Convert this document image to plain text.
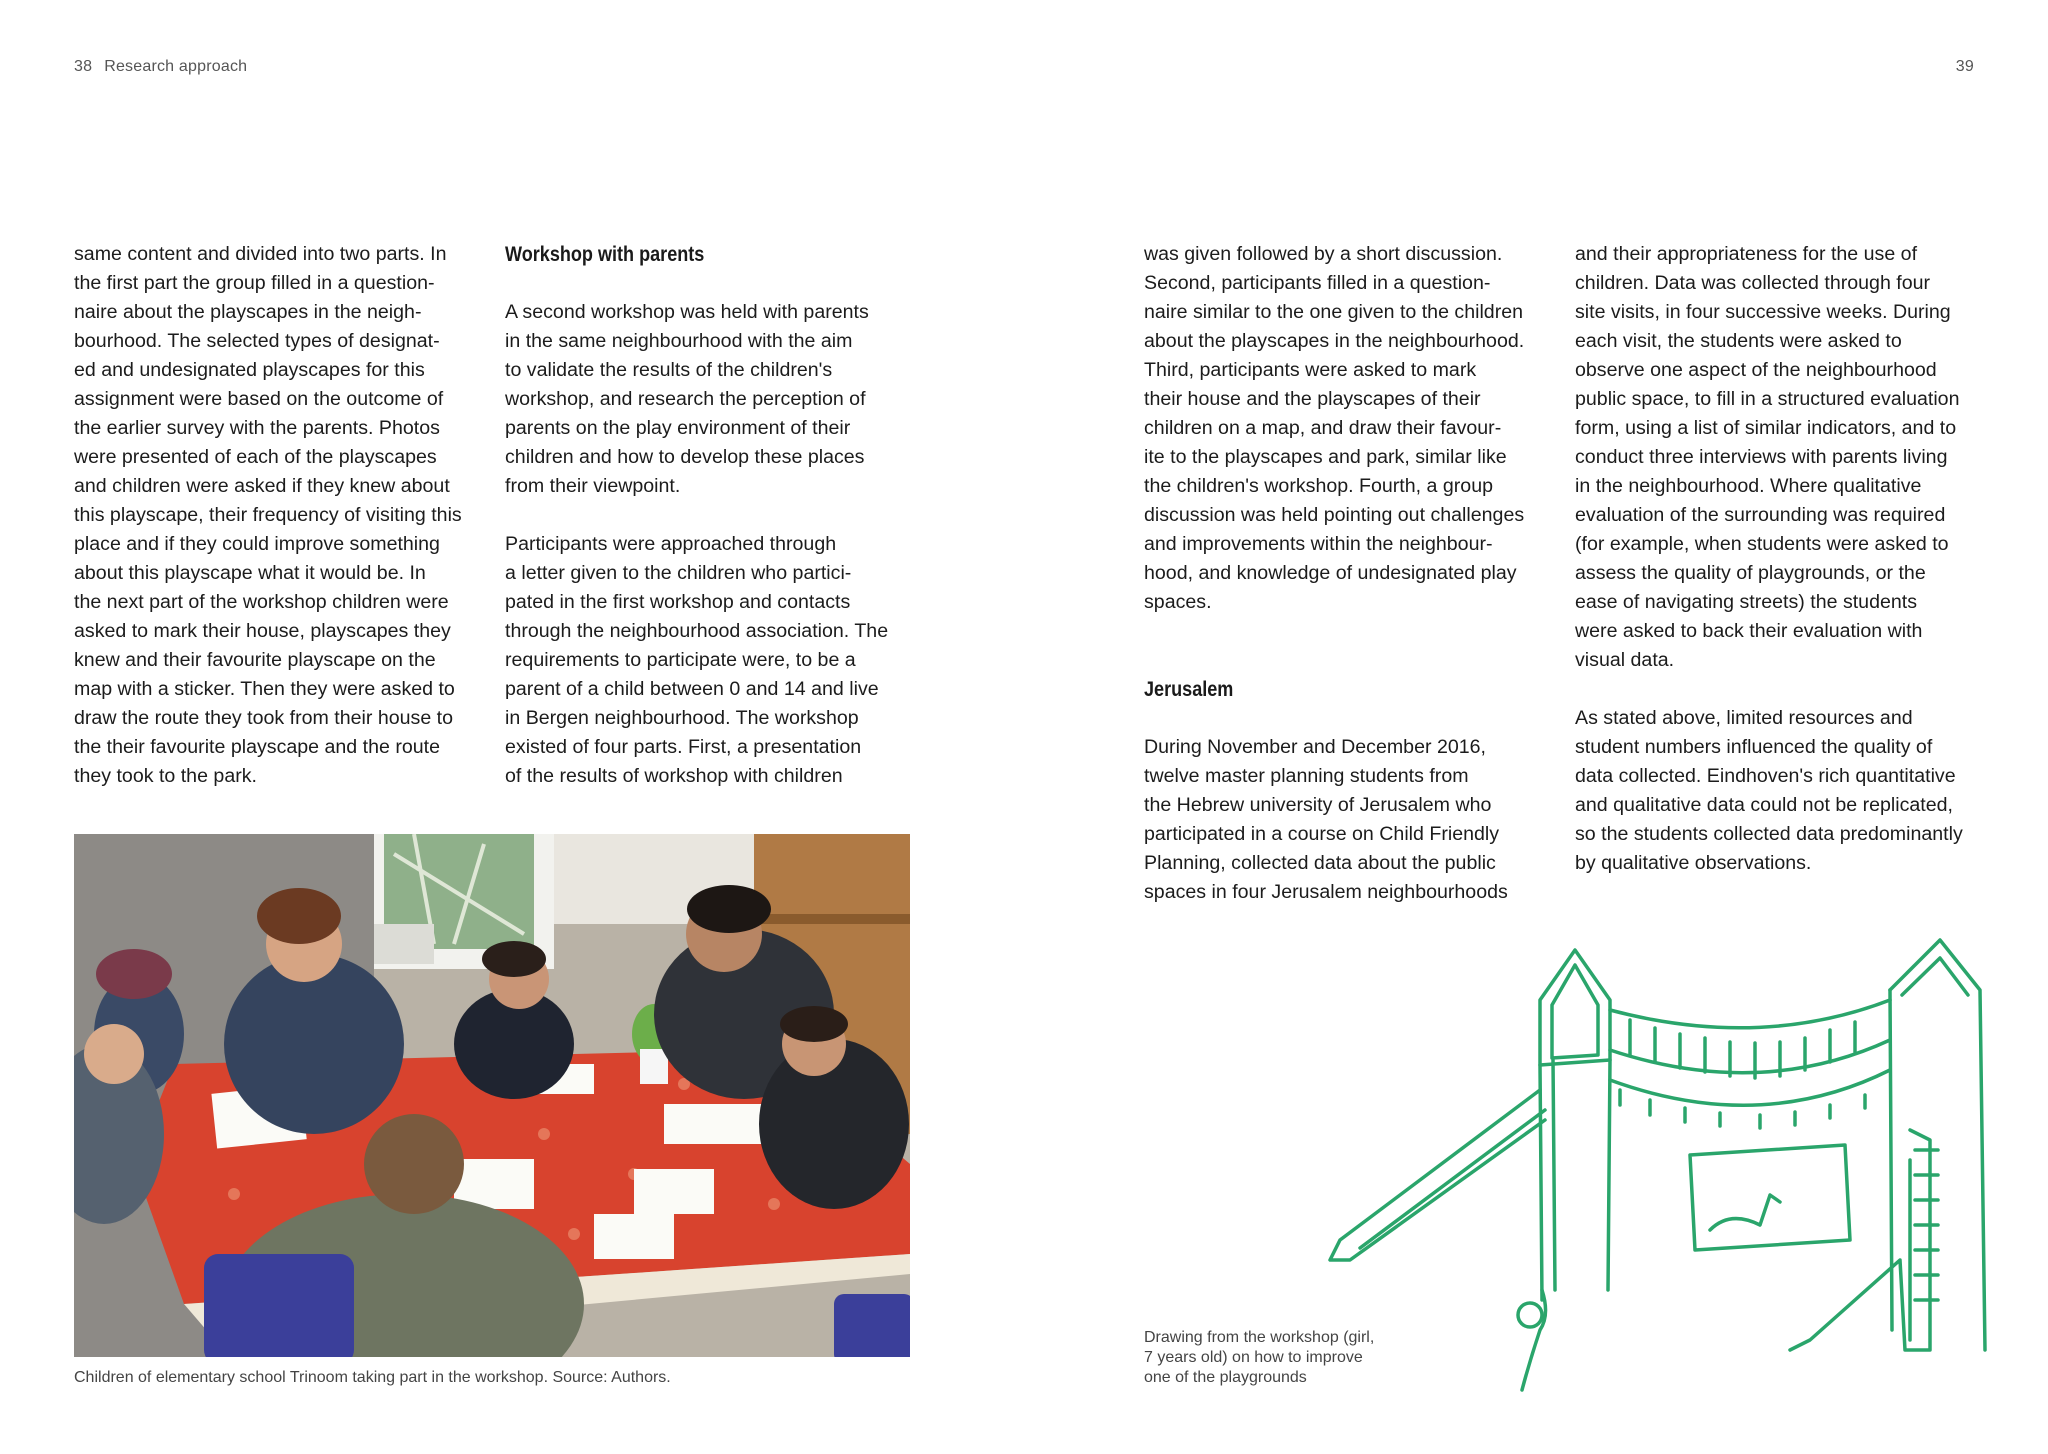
38 Research approach	39

same content and divided into two parts. In
the first part the group filled in a question-
naire about the playscapes in the neigh-
bourhood. The selected types of designat-
ed and undesignated playscapes for this
assignment were based on the outcome of
the earlier survey with the parents. Photos
were presented of each of the playscapes
and children were asked if they knew about
this playscape, their frequency of visiting this
place and if they could improve something
about this playscape what it would be. In
the next part of the workshop children were
asked to mark their house, playscapes they
knew and their favourite playscape on the
map with a sticker. Then they were asked to
draw the route they took from their house to
the their favourite playscape and the route
they took to the park.

Workshop with parents

A second workshop was held with parents
in the same neighbourhood with the aim
to validate the results of the children's
workshop, and research the perception of
parents on the play environment of their
children and how to develop these places
from their viewpoint.

Participants were approached through
a letter given to the children who partici-
pated in the first workshop and contacts
through the neighbourhood association. The
requirements to participate were, to be a
parent of a child between 0 and 14 and live
in Bergen neighbourhood. The workshop
existed of four parts. First, a presentation
of the results of workshop with children

was given followed by a short discussion.
Second, participants filled in a question-
naire similar to the one given to the children
about the playscapes in the neighbourhood.
Third, participants were asked to mark
their house and the playscapes of their
children on a map, and draw their favour-
ite to the playscapes and park, similar like
the children's workshop. Fourth, a group
discussion was held pointing out challenges
and improvements within the neighbour-
hood, and knowledge of undesignated play
spaces.

Jerusalem

During November and December 2016,
twelve master planning students from
the Hebrew university of Jerusalem who
participated in a course on Child Friendly
Planning, collected data about the public
spaces in four Jerusalem neighbourhoods

and their appropriateness for the use of
children. Data was collected through four
site visits, in four successive weeks. During
each visit, the students were asked to
observe one aspect of the neighbourhood
public space, to fill in a structured evaluation
form, using a list of similar indicators, and to
conduct three interviews with parents living
in the neighbourhood. Where qualitative
evaluation of the surrounding was required
(for example, when students were asked to
assess the quality of playgrounds, or the
ease of navigating streets) the students
were asked to back their evaluation with
visual data.

As stated above, limited resources and
student numbers influenced the quality of
data collected. Eindhoven's rich quantitative
and qualitative data could not be replicated,
so the students collected data predominantly
by qualitative observations.

Children of elementary school Trinoom taking part in the workshop. Source: Authors.
Drawing from the workshop (girl,
7 years old) on how to improve
one of the playgrounds
